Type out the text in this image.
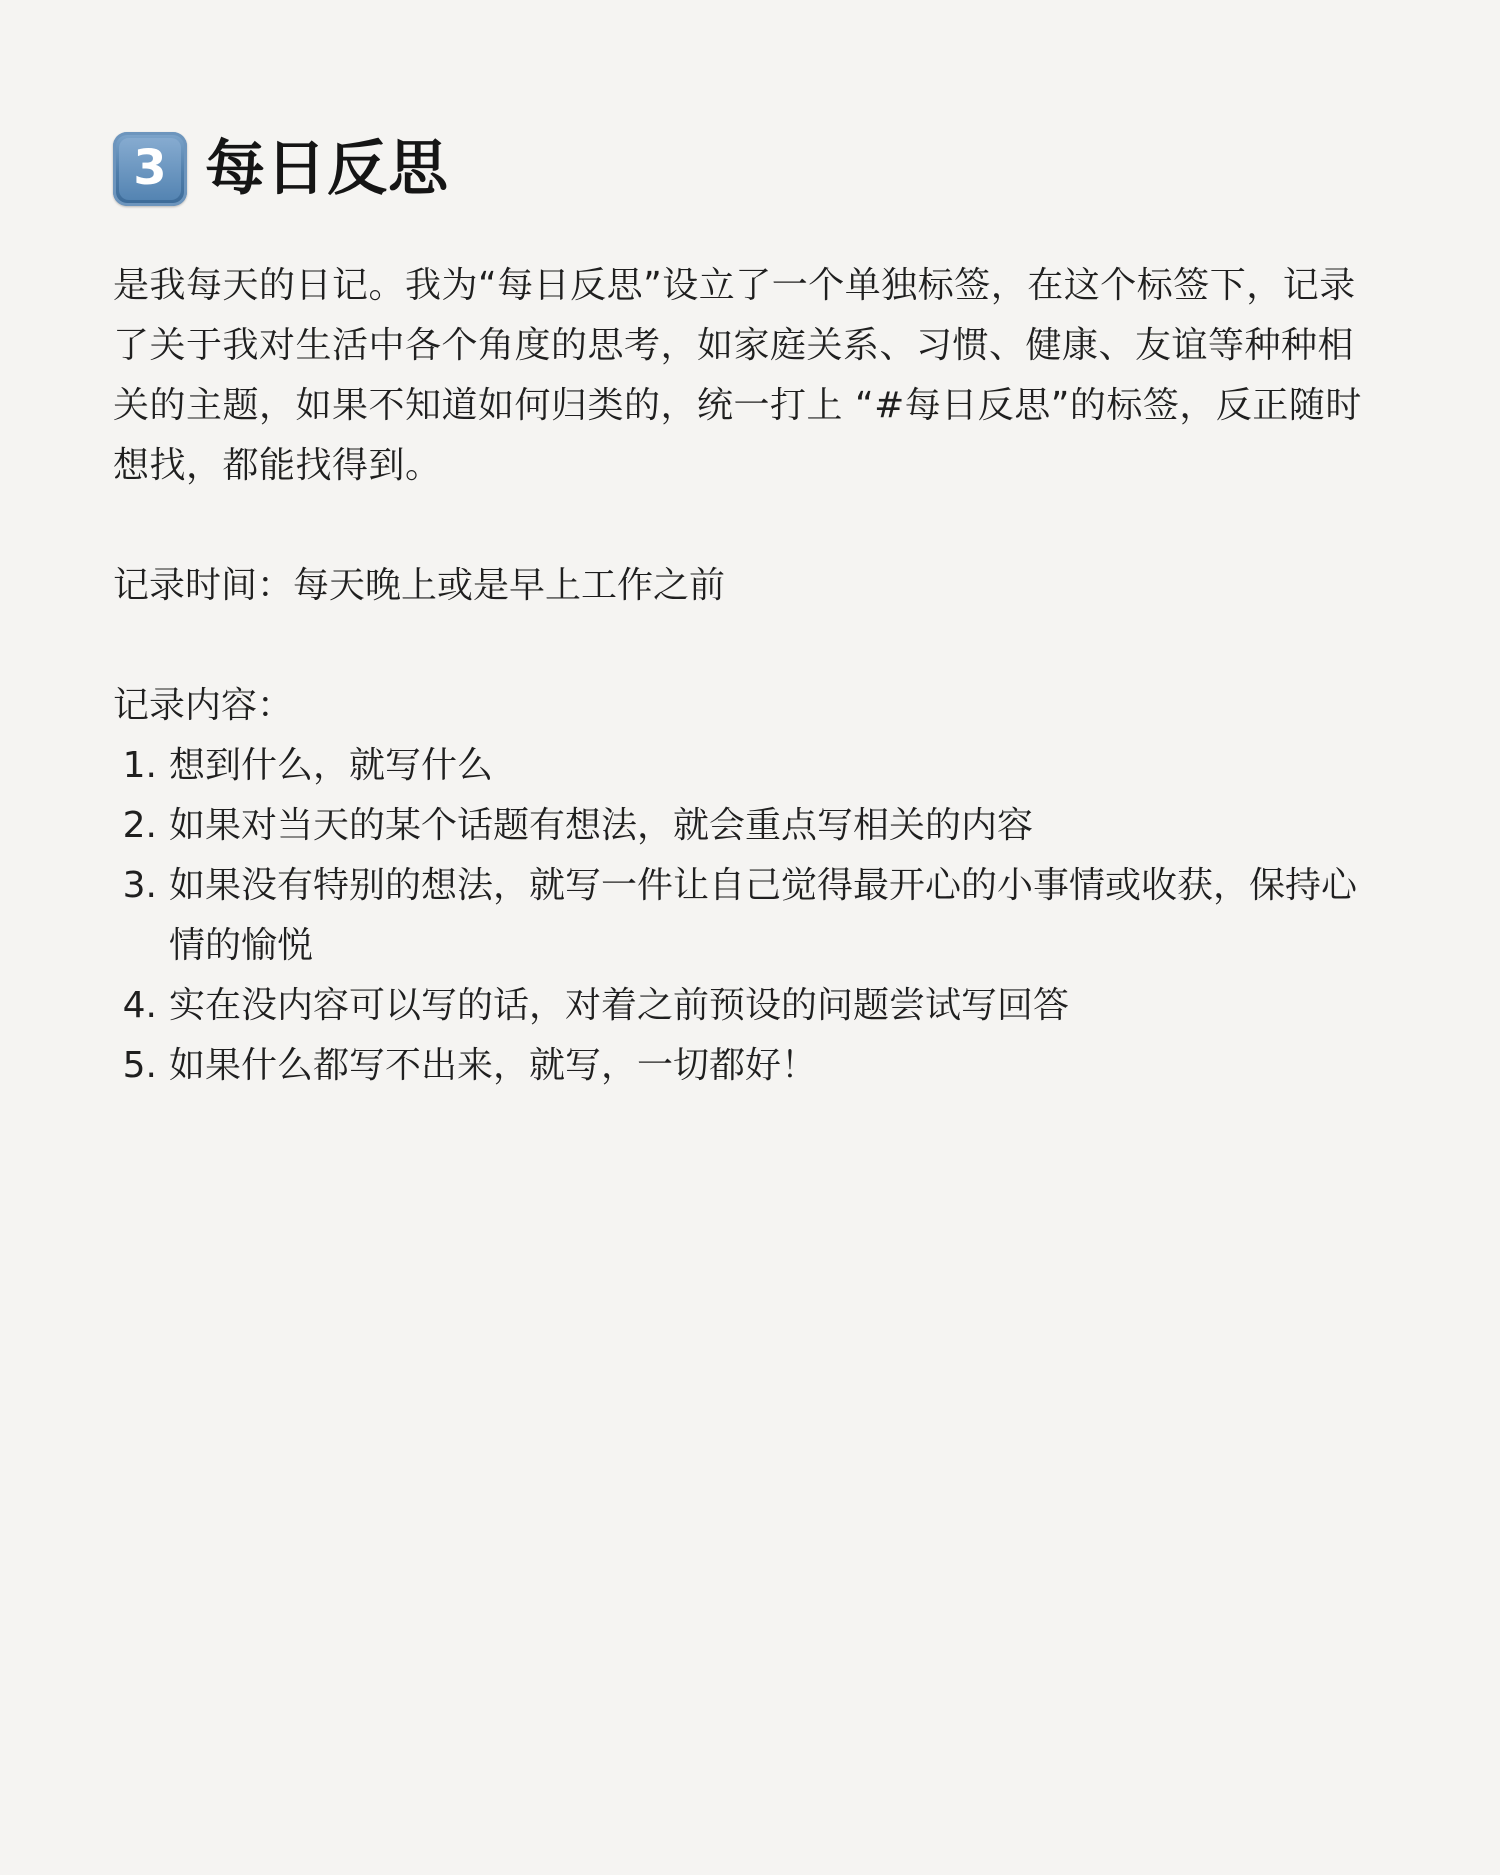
3 每日反思

是我每天的日记。我为“每日反思”设立了一个单独标签，在这个标签下，记录了关于我对生活中各个角度的思考，如家庭关系、习惯、健康、友谊等种种相关的主题，如果不知道如何归类的，统一打上 “#每日反思”的标签，反正随时想找，都能找得到。

记录时间：每天晚上或是早上工作之前

记录内容：

1. 想到什么，就写什么
2. 如果对当天的某个话题有想法，就会重点写相关的内容
3. 如果没有特别的想法，就写一件让自己觉得最开心的小事情或收获，保持心情的愉悦
4. 实在没内容可以写的话，对着之前预设的问题尝试写回答
5. 如果什么都写不出来，就写，一切都好！
